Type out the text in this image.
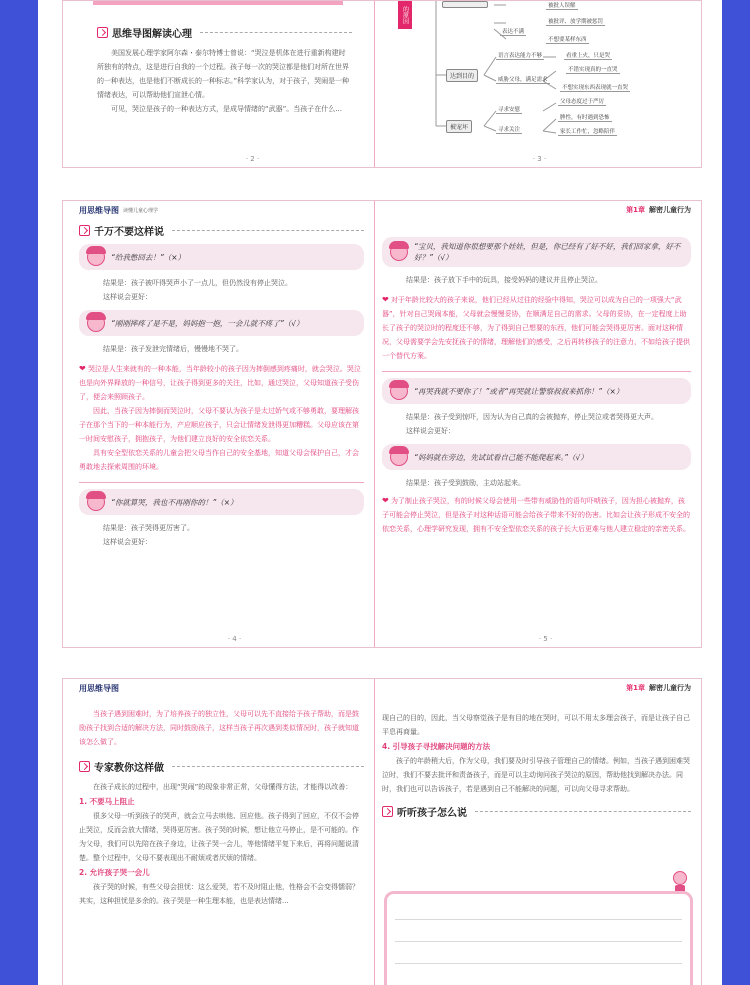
思维导图解读心理

美国发展心理学家阿尔森・泰尔特博士曾说：“哭泣是机体在进行重新构建时所独有的特点，这是进行自我的一个过程。孩子每一次的哭泣都是他们对所在世界的一种表达，也是他们不断成长的一种标志。”科学家认为，对于孩子，哭闹是一种情绪表达，可以帮助他们宣泄心情。

可见，哭泣是孩子的一种表达方式，是成导情绪的“武器”。当孩子在什么...

· 2 ·
的原因	被批人误解
被批评、放学期被惩罚
表达不满
不想要某样东西
达到目的
语言表达能力不够	看重上火，只是哭
威胁父母，满足需求
不错实现真的一直哭
不想实现东西表现就一直哭
被宠坏
寻求安慰
父母态度过于严厉
寻求关注
脾性，有时遇到恐怖
家长工作忙，忽略陪伴
· 3 ·
用思维导图 读懂儿童心理学
千万不要这样说
“给我憋回去！”（×）

结果是：孩子被吓得哭声小了一点儿，但仍然没有停止哭泣。

这样说会更好：

“刚刚摔疼了是不是，妈妈抱一抱，一会儿就不疼了”（√）

结果是：孩子发泄完情绪后，慢慢地不哭了。

❤ 哭泣是人生来就有的一种本能，当年龄较小的孩子因为摔倒感到疼痛时，就会哭泣。哭泣也是向外界释放的一种信号，让孩子得到更多的关注，比如，通过哭泣，父母知道孩子受伤了，便会来照顾孩子。

因此，当孩子因为摔倒而哭泣时，父母不要认为孩子是太过娇气或不够勇敢，要理解孩子在那个当下的一种本能行为，产应顺应孩子，只会让情绪发泄得更加糟糕。父母应该在第一时间安慰孩子，拥抱孩子，为他们建立良好的安全依恋关系。

具有安全型依恋关系的儿童会把父母当作自己的安全基地，知道父母会保护自己，才会勇敢地去探索周围的环境。

“你就算哭，我也不再刚你的！”（×）

结果是：孩子哭得更厉害了。

这样说会更好：

· 4 ·
第1章 解密儿童行为
“宝贝，我知道你很想要那个娃娃，但是，你已经有了好不好，我们回家拿，好不好？”（√）

结果是：孩子放下手中的玩具，接受妈妈的建议并且停止哭泣。

❤ 对于年龄比较大的孩子来说，他们已经从过往的经验中得知，哭泣可以成为自己的一项强大“武器”，针对自己哭闹本能，父母就会慢慢妥协，在顺满足自己的需求。父母的妥协，在一定程度上助长了孩子的哭泣时的程度还不够，为了得到自己想要的东西，他们可能会哭得更厉害。面对这种情况，父母需要学会先安抚孩子的情绪，理解他们的感受，之后再转移孩子的注意力，不如给孩子提供一个替代方案。

“再哭我就不要你了！”或者“再哭就让警察叔叔来抓你！”（×）

结果是：孩子受到惊吓，因为认为自己真的会被抛弃，停止哭泣或者哭得更大声。

这样说会更好：

“妈妈就在旁边，先试试看自己能不能爬起来。”（√）

结果是：孩子受到鼓励，主动站起来。

❤ 为了制止孩子哭泣，有的时候父母会使用一些带有威胁性的语句吓唬孩子，因为担心被抛弃，孩子可能会停止哭泣，但是孩子对这种话语可能会给孩子带来不好的伤害。比如会让孩子形成不安全的依恋关系，心理学研究发现，拥有不安全型依恋关系的孩子长大后更难与他人建立稳定的亲密关系。

· 5 ·
用思维导图

当孩子遇到困难时，为了培养孩子的独立性，父母可以先不直接给予孩子帮助，而是鼓励孩子找到合适的解决方法，同时鼓励孩子，这样当孩子再次遇到类似情况时，孩子就知道该怎么做了。

专家教你这样做

在孩子成长的过程中，出现“哭闹”的现象非常正常，父母懂得方法，才能得以改善：

1. 不要马上阻止

很多父母一听到孩子的哭声，就会立马去哄他、回应他。孩子得到了回应，不仅不会停止哭泣，反而会放大情绪，哭得更厉害。孩子哭的时候，想让他立马停止，是不可能的。作为父母，我们可以先陪在孩子身边，让孩子哭一会儿，等他情绪平复下来后，再将问题说清楚。整个过程中，父母不要表现出不耐烦或者厌烦的情绪。

2. 允许孩子哭一会儿

孩子哭的时候，有些父母会担忧：这么爱哭，若不及时阻止他，性格会不会变得懦弱？其实，这种担忧是多余的。孩子哭是一种生理本能，也是表达情绪...

第1章 解密儿童行为

现自己的目的，因此，当父母察觉孩子是有目的地在哭时，可以不用太多理会孩子，而是让孩子自己平息再商量。

4. 引导孩子寻找解决问题的方法

孩子的年龄稍大后，作为父母，我们要及时引导孩子管理自己的情绪。例如，当孩子遇到困难哭泣时，我们不要去批评和责备孩子，而是可以主动询问孩子哭泣的原因，帮助他找到解决办法。同时，我们也可以告诉孩子，若是遇到自己不能解决的问题，可以向父母寻求帮助。

听听孩子怎么说
